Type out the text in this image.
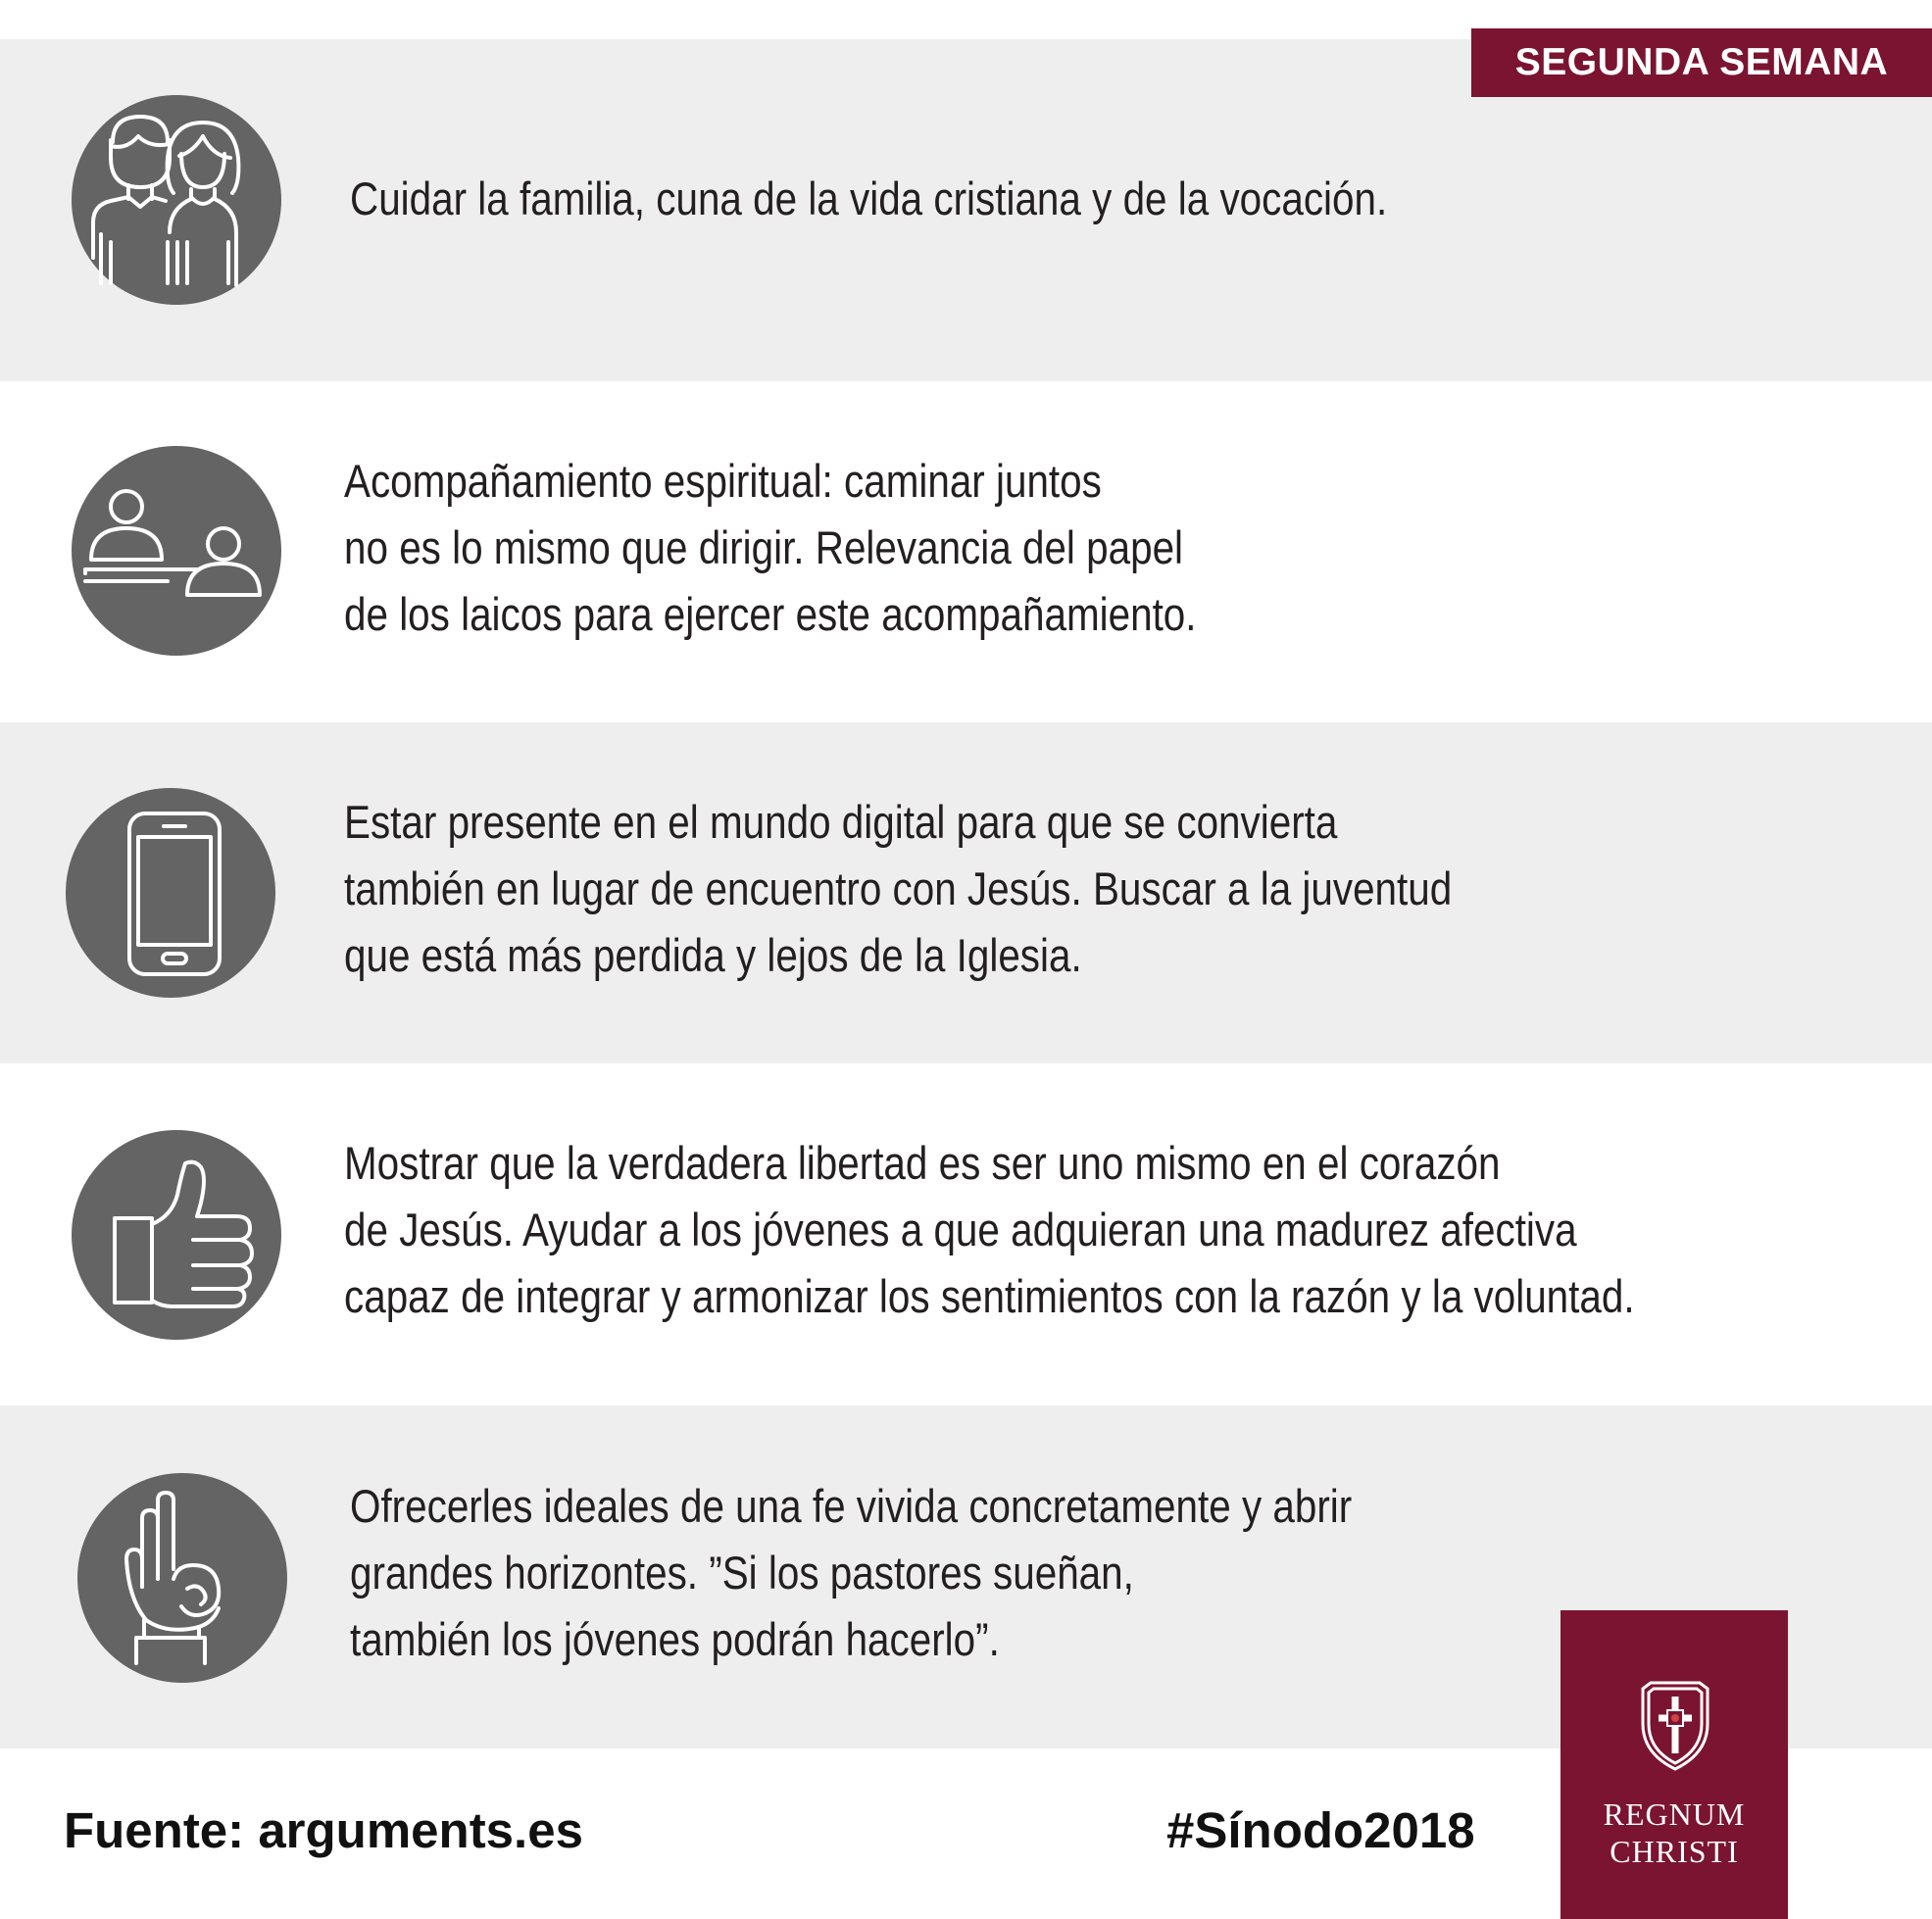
SEGUNDA SEMANA
Cuidar la familia, cuna de la vida cristiana y de la vocación.
Acompañamiento espiritual: caminar juntos
no es lo mismo que dirigir. Relevancia del papel
de los laicos para ejercer este acompañamiento.
Estar presente en el mundo digital para que se convierta
también en lugar de encuentro con Jesús. Buscar a la juventud
que está más perdida y lejos de la Iglesia.
Mostrar que la verdadera libertad es ser uno mismo en el corazón
de Jesús. Ayudar a los jóvenes a que adquieran una madurez afectiva
capaz de integrar y armonizar los sentimientos con la razón y la voluntad.
Ofrecerles ideales de una fe vivida concretamente y abrir
grandes horizontes. ”Si los pastores sueñan,
también los jóvenes podrán hacerlo”.
Fuente: arguments.es	#Sínodo2018	REGNUM
CHRISTI
